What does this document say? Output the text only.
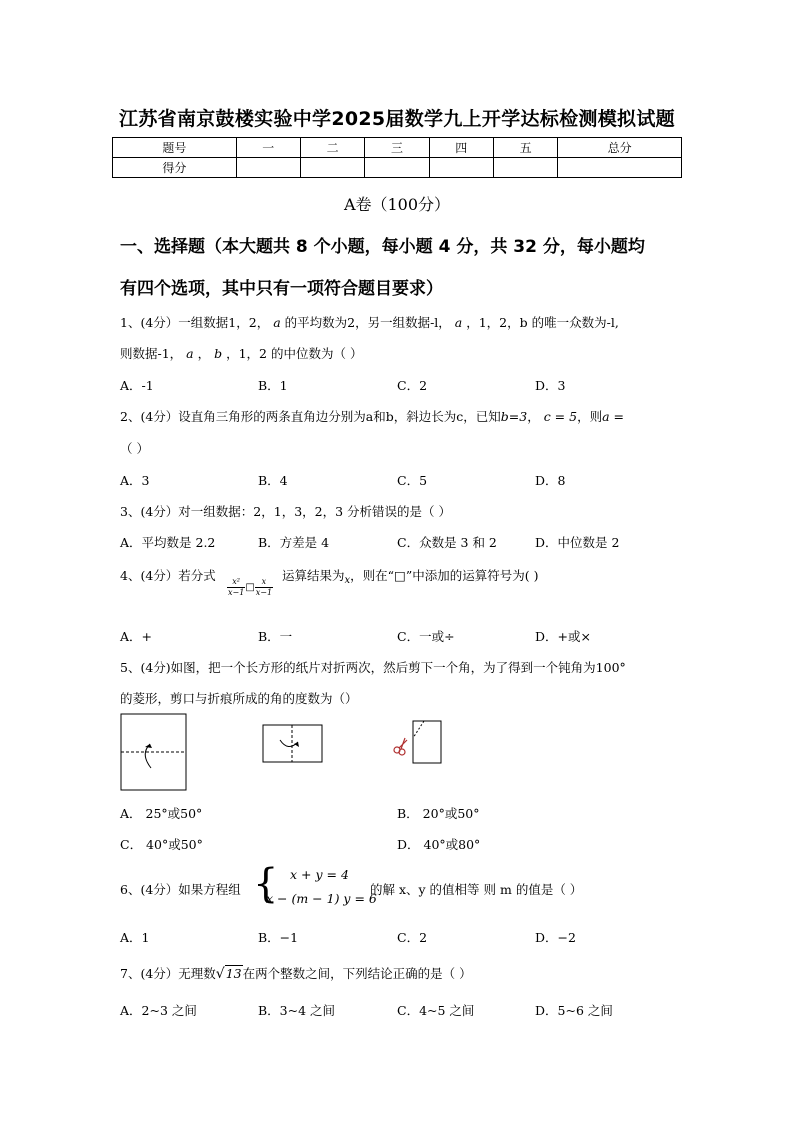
江苏省南京鼓楼实验中学2025届数学九上开学达标检测模拟试题
题号	一	二	三	四	五	总分
得分						
A卷（100分）
一、选择题（本大题共 8 个小题，每小题 4 分，共 32 分，每小题均
有四个选项，其中只有一项符合题目要求）
1、(4分）一组数据1，2， a 的平均数为2，另一组数据-l， a ，1，2，b 的唯一众数为-l,
则数据-1， a ， b ，1，2 的中位数为（ ）
A．-1	B．1	C．2	D．3
2、(4分）设直角三角形的两条直角边分别为a和b，斜边长为c，已知b=3， c = 5，则a =
（ ）
A．3	B．4	C．5	D．8
3、(4分）对一组数据：2，1，3，2，3 分析错误的是（ ）
A．平均数是 2.2	B．方差是 4	C．众数是 3 和 2	D．中位数是 2
4、(4分）若分式
$\frac{\text{x²}}{x-1}$ □ $\frac{x}{x-1}$
运算结果为$_x$，则在“□”中添加的运算符号为( )
A．+	B．一	C．一或÷	D．+或×
5、(4分)如图，把一个长方形的纸片对折两次，然后剪下一个角，为了得到一个钝角为100°
的菱形，剪口与折痕所成的角的度数为（）
A． 25°或50°	B． 20°或50°
C． 40°或50°	D． 40°或80°
6、(4分）如果方程组 { x + y = 4
x − (m − 1) y = 6
的解 x、y 的值相等 则 m 的值是（ ）
A．1	B．−1	C．2	D．−2
7、(4分）无理数√13在两个整数之间，下列结论正确的是（ ）
A．2~3 之间	B．3~4 之间	C．4~5 之间	D．5~6 之间
